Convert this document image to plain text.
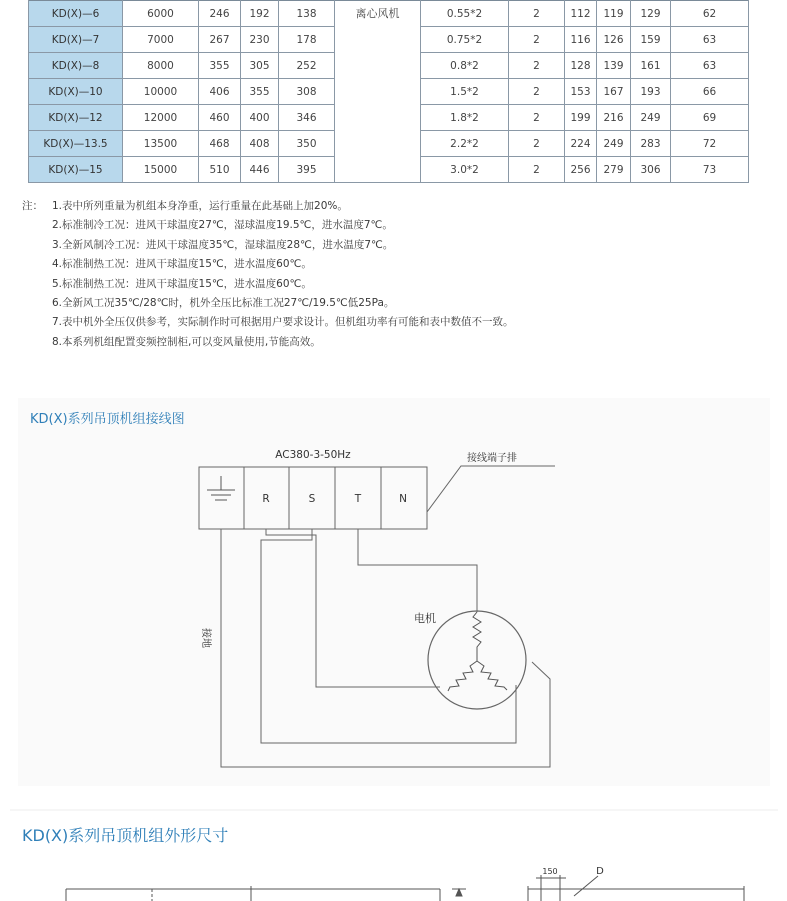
KD(X)—6	6000	246	192	138	离心风机	0.55*2	2	112	119	129	62
KD(X)—7	7000	267	230	178		0.75*2	2	116	126	159	63
KD(X)—8	8000	355	305	252		0.8*2	2	128	139	161	63
KD(X)—10	10000	406	355	308		1.5*2	2	153	167	193	66
KD(X)—12	12000	460	400	346		1.8*2	2	199	216	249	69
KD(X)—13.5	13500	468	408	350		2.2*2	2	224	249	283	72
KD(X)—15	15000	510	446	395		3.0*2	2	256	279	306	73
注： 1.表中所列重量为机组本身净重，运行重量在此基础上加20%。
2.标准制冷工况：进风干球温度27℃，湿球温度19.5℃，进水温度7℃。
3.全新风制冷工况：进风干球温度35℃，湿球温度28℃，进水温度7℃。
4.标准制热工况：进风干球温度15℃，进水温度60℃。
5.标准制热工况：进风干球温度15℃，进水温度60℃。
6.全新风工况35℃/28℃时，机外全压比标准工况27℃/19.5℃低25Pa。
7.表中机外全压仅供参考，实际制作时可根据用户要求设计。但机组功率有可能和表中数值不一致。
8.本系列机组配置变频控制柜,可以变风量使用,节能高效。
KD(X)系列吊顶机组接线图
AC380-3-50Hz
R	S	T	N
接线端子排
电机
接地
KD(X)系列吊顶机组外形尺寸
150	D
